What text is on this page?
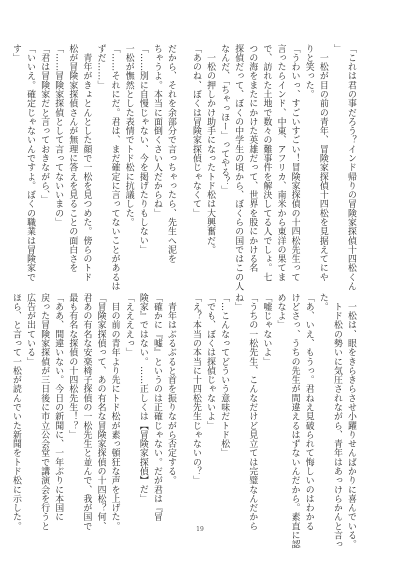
だから、それを余部分で言っちゃったら、先生へ泥を
ちゃうよ。本当に面倒くさい人だからね」
「……別に自慢じゃない、今を掲げたりもしない」
一松が憮然とした表情でトド松に抗議した。
「……それにだ。君は、まだ確定に言ってないことがあるは
ずだ……」
　青年がきょとんとした顔で一松を見つめた。傍らのトド
松が冒険家探偵さんが無理に答えを見ることの面白さを
「……冒険家探偵として言ってないいまの」
「君は冒険家だと言っておきながら、」
「いいえ。確定じゃないんですよ。ぼくの職業は冒険家で
す」
　青年はぶるぶると首を振りながら否定する。
「確かに『嘘』というのは正確じゃない。だが君は『冒
険家』ではない。……正しくは【冒険家探偵】だ」
「ええええっ」
　目の前の青年より先にトド松が素っ頓狂な声を上げた。
「冒険家探偵って、あの有名な冒険家探偵の十四松？何、
君あの有名な安楽椅子探偵の一松先生と並んで、我が国で
最も有名な探偵の十四松先生！？」
「ああ、間違いない。今日の新聞に、一年ぶりに本国に
戻った冒険家探偵が三日後に市立公会堂で講演会を行うと
広告が出ている」
ほら、と言って一松が読んでいた新聞をトド松に示した。
「これは君の事だろう？インド帰りの冒険家探偵十四松くん
」
　一松が目の前の青年、冒険家探偵十四松を見据えてにや
りと笑った。
「うわいっ、すごいすごい！冒険家探偵の十四松先生って
言ったらインド、中東、アフリカ、南米から東洋の果てま
で、訪れた土地で数々の難事件を解決してる人でしょ。七
つの海をまたにかけた英雄だって、世界を股にかける名
探偵だって、ぼくの中学生の頃から、ぼくらの国ではこの人
なんだ、「ちゃっほー」ってやる？」
　一松の押しかけ助手になったトド松は大興奮だ。
「あのね、ぼくは冒険家探偵じゃなくて」
　一松は、眼をきらきらさせ小躍りせんばかりに喜んでいる。
　トド松の勢いに気圧されながら、青年はあっけらかんと言っ
た。
「あ、いえ、もうっ。君ねえ見破られて悔しいのはわかる
けどさっ、うちの先生が間違えるはずないんだから。素直に認
めなよ」
「嘘じゃないよ」
「うちの一松先生、こんなだけど見立ては完璧なんだから
ね」
「…こんなってどういう意味だトド松」
「でも、ぼくは探偵じゃないよ」
「え？本当の本当に十四松先生じゃないの？」
19
